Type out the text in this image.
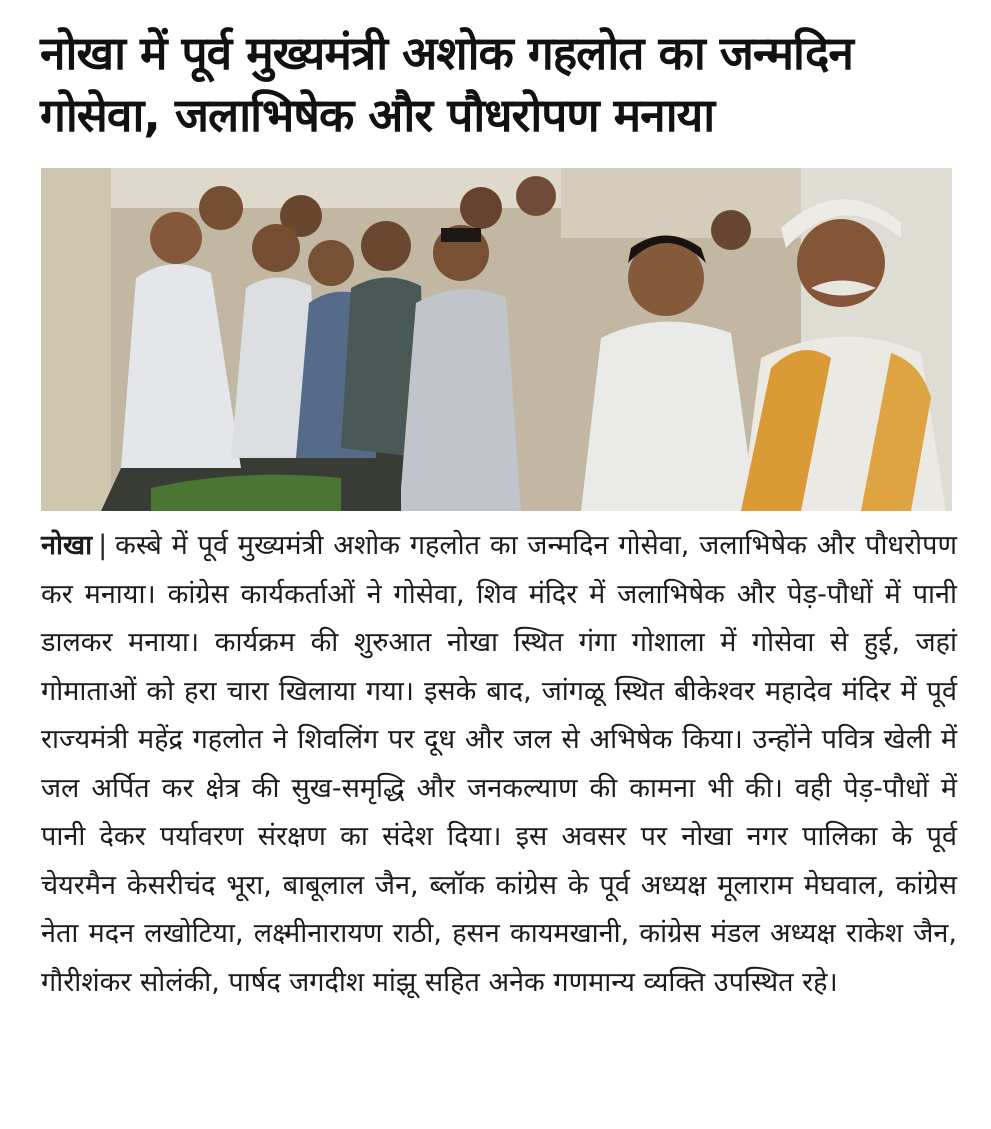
नोखा में पूर्व मुख्यमंत्री अशोक गहलोत का जन्मदिन
गोसेवा, जलाभिषेक और पौधरोपण मनाया

नोखा | कस्बे में पूर्व मुख्यमंत्री अशोक गहलोत का जन्मदिन गोसेवा, जलाभिषेक और पौधरोपण कर मनाया। कांग्रेस कार्यकर्ताओं ने गोसेवा, शिव मंदिर में जलाभिषेक और पेड़-पौधों में पानी डालकर मनाया। कार्यक्रम की शुरुआत नोखा स्थित गंगा गोशाला में गोसेवा से हुई, जहां गोमाताओं को हरा चारा खिलाया गया। इसके बाद, जांगळू स्थित बीकेश्वर महादेव मंदिर में पूर्व राज्यमंत्री महेंद्र गहलोत ने शिवलिंग पर दूध और जल से अभिषेक किया। उन्होंने पवित्र खेली में जल अर्पित कर क्षेत्र की सुख-समृद्धि और जनकल्याण की कामना भी की। वही पेड़-पौधों में पानी देकर पर्यावरण संरक्षण का संदेश दिया। इस अवसर पर नोखा नगर पालिका के पूर्व चेयरमैन केसरीचंद भूरा, बाबूलाल जैन, ब्लॉक कांग्रेस के पूर्व अध्यक्ष मूलाराम मेघवाल, कांग्रेस नेता मदन लखोटिया, लक्ष्मीनारायण राठी, हसन कायमखानी, कांग्रेस मंडल अध्यक्ष राकेश जैन, गौरीशंकर सोलंकी, पार्षद जगदीश मांझू सहित अनेक गणमान्य व्यक्ति उपस्थित रहे।
